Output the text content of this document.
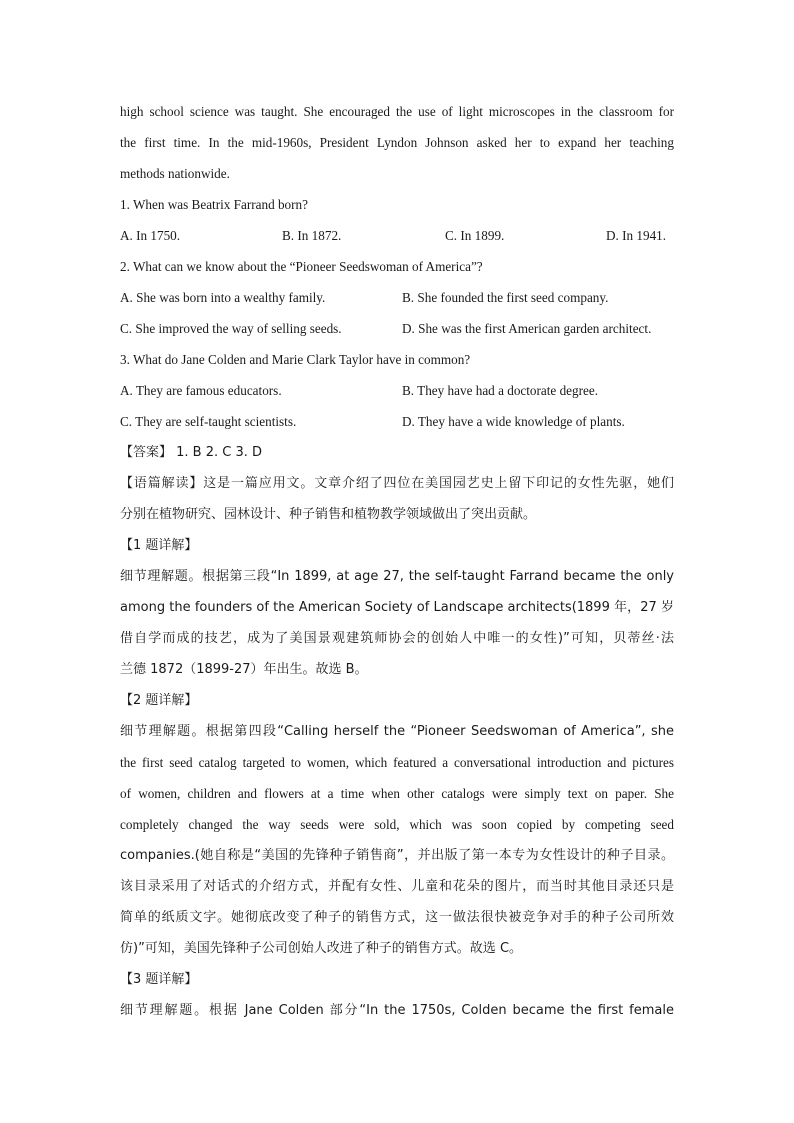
high school science was taught. She encouraged the use of light microscopes in the classroom for
the first time. In the mid-1960s, President Lyndon Johnson asked her to expand her teaching
methods nationwide.
1. When was Beatrix Farrand born?
A. In 1750.	B. In 1872.	C. In 1899.	D. In 1941.
2. What can we know about the “Pioneer Seedswoman of America”?
A. She was born into a wealthy family.	B. She founded the first seed company.
C. She improved the way of selling seeds.	D. She was the first American garden architect.
3. What do Jane Colden and Marie Clark Taylor have in common?
A. They are famous educators.	B. They have had a doctorate degree.
C. They are self-taught scientists.	D. They have a wide knowledge of plants.
【答案】 1. B 2. C 3. D
【语篇解读】这是一篇应用文。文章介绍了四位在美国园艺史上留下印记的女性先驱，她们
分别在植物研究、园林设计、种子销售和植物教学领域做出了突出贡献。
【1 题详解】
细节理解题。根据第三段“In 1899, at age 27, the self-taught Farrand became the only
among the founders of the American Society of Landscape architects(1899 年，27 岁
借自学而成的技艺，成为了美国景观建筑师协会的创始人中唯一的女性)”可知，贝蒂丝·法
兰德 1872（1899-27）年出生。故选 B。
【2 题详解】
细节理解题。根据第四段“Calling herself the “Pioneer Seedswoman of America”, she
the first seed catalog targeted to women, which featured a conversational introduction and pictures
of women, children and flowers at a time when other catalogs were simply text on paper. She
completely changed the way seeds were sold, which was soon copied by competing seed
companies.(她自称是“美国的先锋种子销售商”，并出版了第一本专为女性设计的种子目录。
该目录采用了对话式的介绍方式，并配有女性、儿童和花朵的图片，而当时其他目录还只是
简单的纸质文字。她彻底改变了种子的销售方式，这一做法很快被竞争对手的种子公司所效
仿)”可知，美国先锋种子公司创始人改进了种子的销售方式。故选 C。
【3 题详解】
细节理解题。根据 Jane Colden 部分“In the 1750s, Colden became the first female
